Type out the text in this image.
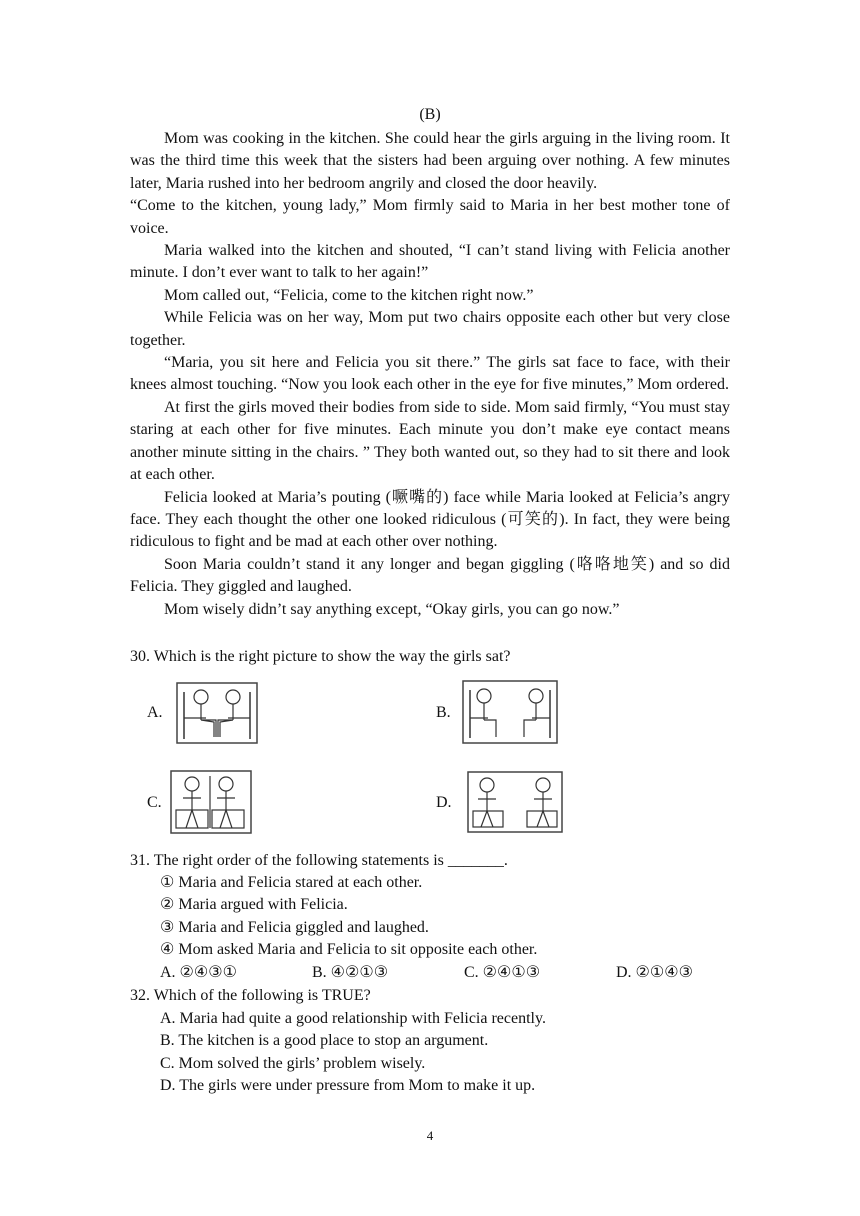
(B)

Mom was cooking in the kitchen. She could hear the girls arguing in the living room. It was the third time this week that the sisters had been arguing over nothing. A few minutes later, Maria rushed into her bedroom angrily and closed the door heavily.

“Come to the kitchen, young lady,” Mom firmly said to Maria in her best mother tone of voice.

Maria walked into the kitchen and shouted, “I can’t stand living with Felicia another minute. I don’t ever want to talk to her again!”

Mom called out, “Felicia, come to the kitchen right now.”

While Felicia was on her way, Mom put two chairs opposite each other but very close together.

“Maria, you sit here and Felicia you sit there.” The girls sat face to face, with their knees almost touching. “Now you look each other in the eye for five minutes,” Mom ordered.

At first the girls moved their bodies from side to side. Mom said firmly, “You must stay staring at each other for five minutes. Each minute you don’t make eye contact means another minute sitting in the chairs. ” They both wanted out, so they had to sit there and look at each other.

Felicia looked at Maria’s pouting (噘嘴的) face while Maria looked at Felicia’s angry face. They each thought the other one looked ridiculous (可笑的). In fact, they were being ridiculous to fight and be mad at each other over nothing.

Soon Maria couldn’t stand it any longer and began giggling (咯咯地笑) and so did Felicia. They giggled and laughed.

Mom wisely didn’t say anything except, “Okay girls, you can go now.”

30. Which is the right picture to show the way the girls sat?
A.	B.
C.	D.
31. The right order of the following statements is _______.
① Maria and Felicia stared at each other.
② Maria argued with Felicia.
③ Maria and Felicia giggled and laughed.
④ Mom asked Maria and Felicia to sit opposite each other.
A. ②④③①	B. ④②①③	C. ②④①③	D. ②①④③
32. Which of the following is TRUE?
A. Maria had quite a good relationship with Felicia recently.
B. The kitchen is a good place to stop an argument.
C. Mom solved the girls’ problem wisely.
D. The girls were under pressure from Mom to make it up.
4
